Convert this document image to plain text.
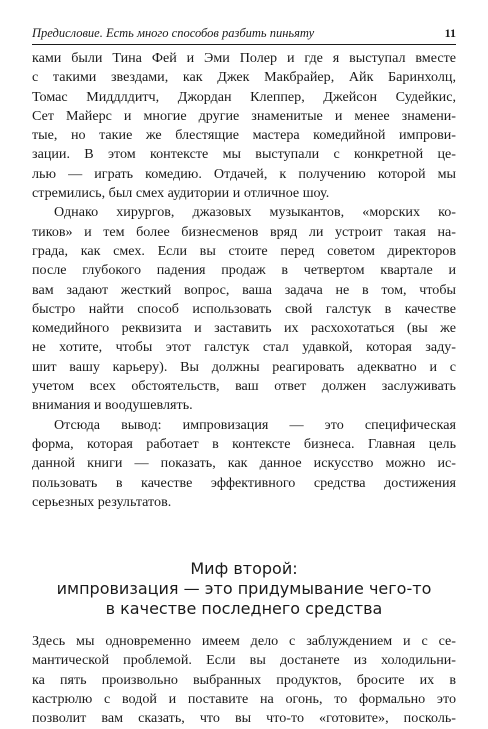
Предисловие. Есть много способов разбить пиньяту	11

ками были Тина Фей и Эми Полер и где я выступал вместе
с такими звездами, как Джек Макбрайер, Айк Баринхолц,
Томас Миддлдитч, Джордан Клеппер, Джейсон Судейкис,
Сет Майерс и многие другие знаменитые и менее знамени-
тые, но такие же блестящие мастера комедийной импрови-
зации. В этом контексте мы выступали с конкретной це-
лью — играть комедию. Отдачей, к получению которой мы
стремились, был смех аудитории и отличное шоу.

Однако хирургов, джазовых музыкантов, «морских ко-
тиков» и тем более бизнесменов вряд ли устроит такая на-
града, как смех. Если вы стоите перед советом директоров
после глубокого падения продаж в четвертом квартале и
вам задают жесткий вопрос, ваша задача не в том, чтобы
быстро найти способ использовать свой галстук в качестве
комедийного реквизита и заставить их расхохотаться (вы же
не хотите, чтобы этот галстук стал удавкой, которая заду-
шит вашу карьеру). Вы должны реагировать адекватно и с
учетом всех обстоятельств, ваш ответ должен заслуживать
внимания и воодушевлять.

Отсюда вывод: импровизация — это специфическая
форма, которая работает в контексте бизнеса. Главная цель
данной книги — показать, как данное искусство можно ис-
пользовать в качестве эффективного средства достижения
серьезных результатов.

Миф второй:
импровизация — это придумывание чего-то
в качестве последнего средства

Здесь мы одновременно имеем дело с заблуждением и с се-
мантической проблемой. Если вы достанете из холодильни-
ка пять произвольно выбранных продуктов, бросите их в
кастрюлю с водой и поставите на огонь, то формально это
позволит вам сказать, что вы что-то «готовите», посколь-
